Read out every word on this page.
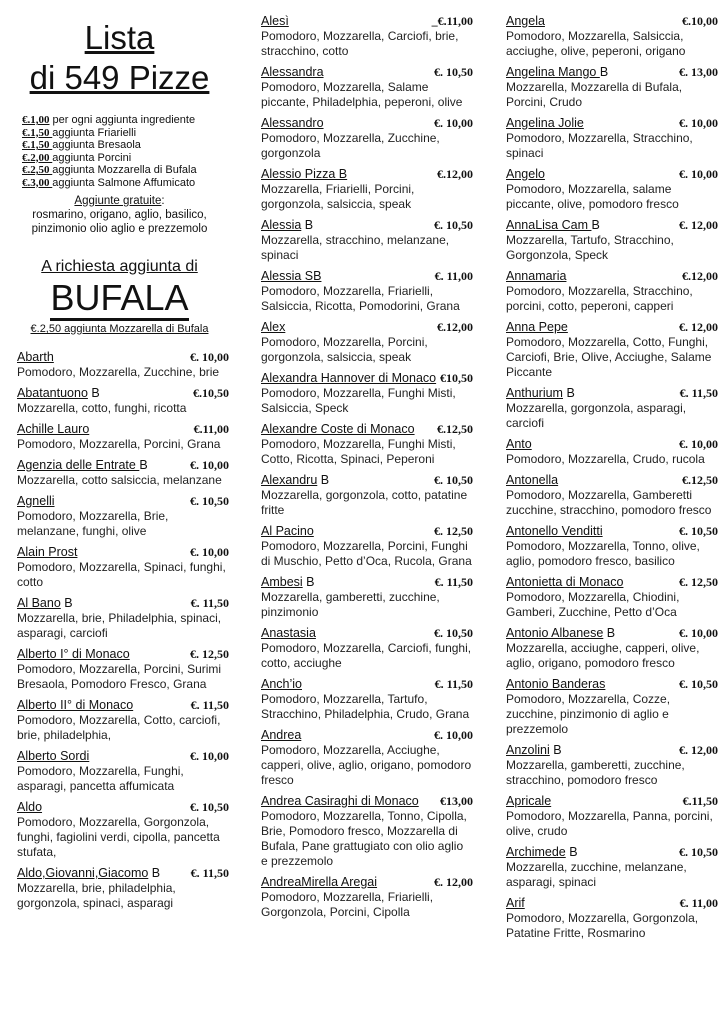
Lista
di 549 Pizze
€.1,00 per ogni aggiunta ingrediente
€.1,50 aggiunta Friarielli
€.1,50 aggiunta Bresaola
€.2,00 aggiunta Porcini
€.2,50 aggiunta Mozzarella di Bufala
€.3,00 aggiunta Salmone Affumicato
Aggiunte gratuite:
rosmarino, origano, aglio, basilico,
pinzimonio olio aglio e prezzemolo
A richiesta aggiunta di
BUFALA
€.2,50 aggiunta Mozzarella di Bufala
Abarth	€. 10,00
Pomodoro, Mozzarella, Zucchine, brie
Abatantuono B	€.10,50
Mozzarella, cotto, funghi, ricotta
Achille Lauro	€.11,00
Pomodoro, Mozzarella, Porcini, Grana
Agenzia delle Entrate B	€. 10,00
Mozzarella, cotto salsiccia, melanzane
Agnelli	€. 10,50
Pomodoro, Mozzarella, Brie, melanzane, funghi, olive
Alain Prost	€. 10,00
Pomodoro, Mozzarella, Spinaci, funghi, cotto
Al Bano B	€. 11,50
Mozzarella, brie, Philadelphia, spinaci, asparagi, carciofi
Alberto I° di Monaco	€. 12,50
Pomodoro, Mozzarella, Porcini, Surimi Bresaola, Pomodoro Fresco, Grana
Alberto II° di Monaco	€. 11,50
Pomodoro, Mozzarella, Cotto, carciofi, brie, philadelphia,
Alberto Sordi	€. 10,00
Pomodoro, Mozzarella, Funghi, asparagi, pancetta affumicata
Aldo	€. 10,50
Pomodoro, Mozzarella, Gorgonzola, funghi, fagiolini verdi, cipolla, pancetta stufata,
Aldo,Giovanni,Giacomo B	€. 11,50
Mozzarella, brie, philadelphia, gorgonzola, spinaci, asparagi
Alesì	_€.11,00
Pomodoro, Mozzarella, Carciofi, brie, stracchino, cotto
Alessandra	€. 10,50
Pomodoro, Mozzarella, Salame piccante, Philadelphia, peperoni, olive
Alessandro	€. 10,00
Pomodoro, Mozzarella, Zucchine, gorgonzola
Alessio Pizza B	€.12,00
Mozzarella, Friarielli, Porcini, gorgonzola, salsiccia, speak
Alessia B	€. 10,50
Mozzarella, stracchino, melanzane, spinaci
Alessia SB	€. 11,00
Pomodoro, Mozzarella, Friarielli, Salsiccia, Ricotta, Pomodorini, Grana
Alex	€.12,00
Pomodoro, Mozzarella, Porcini, gorgonzola, salsiccia, speak
Alexandra Hannover di Monaco €10,50
Pomodoro, Mozzarella, Funghi Misti, Salsiccia, Speck
Alexandre Coste di Monaco €.12,50
Pomodoro, Mozzarella, Funghi Misti, Cotto, Ricotta, Spinaci, Peperoni
Alexandru B	€. 10,50
Mozzarella, gorgonzola, cotto, patatine fritte
Al Pacino	€. 12,50
Pomodoro, Mozzarella, Porcini, Funghi di Muschio, Petto d’Oca, Rucola, Grana
Ambesi B	€. 11,50
Mozzarella, gamberetti, zucchine, pinzimonio
Anastasia	€. 10,50
Pomodoro, Mozzarella, Carciofi, funghi, cotto, acciughe
Anch’io	€. 11,50
Pomodoro, Mozzarella, Tartufo, Stracchino, Philadelphia, Crudo, Grana
Andrea	€. 10,00
Pomodoro, Mozzarella, Acciughe, capperi, olive, aglio, origano, pomodoro fresco
Andrea Casiraghi di Monaco €13,00
Pomodoro, Mozzarella, Tonno, Cipolla, Brie, Pomodoro fresco, Mozzarella di Bufala, Pane grattugiato con olio aglio e prezzemolo
AndreaMirella Aregai	€. 12,00
Pomodoro, Mozzarella, Friarielli, Gorgonzola, Porcini, Cipolla
Angela	€.10,00
Pomodoro, Mozzarella, Salsiccia, acciughe, olive, peperoni, origano
Angelina Mango B	€. 13,00
Mozzarella, Mozzarella di Bufala, Porcini, Crudo
Angelina Jolie	€. 10,00
Pomodoro, Mozzarella, Stracchino, spinaci
Angelo	€. 10,00
Pomodoro, Mozzarella, salame piccante, olive, pomodoro fresco
AnnaLisa Cam B	€. 12,00
Mozzarella, Tartufo, Stracchino, Gorgonzola, Speck
Annamaria	€.12,00
Pomodoro, Mozzarella, Stracchino, porcini, cotto, peperoni, capperi
Anna Pepe	€. 12,00
Pomodoro, Mozzarella, Cotto, Funghi, Carciofi, Brie, Olive, Acciughe, Salame Piccante
Anthurium B	€. 11,50
Mozzarella, gorgonzola, asparagi, carciofi
Anto	€. 10,00
Pomodoro, Mozzarella, Crudo, rucola
Antonella	€.12,50
Pomodoro, Mozzarella, Gamberetti zucchine, stracchino, pomodoro fresco
Antonello Venditti	€. 10,50
Pomodoro, Mozzarella, Tonno, olive, aglio, pomodoro fresco, basilico
Antonietta di Monaco	€. 12,50
Pomodoro, Mozzarella, Chiodini, Gamberi, Zucchine, Petto d’Oca
Antonio Albanese B	€. 10,00
Mozzarella, acciughe, capperi, olive, aglio, origano, pomodoro fresco
Antonio Banderas	€. 10,50
Pomodoro, Mozzarella, Cozze, zucchine, pinzimonio di aglio e prezzemolo
Anzolini B	€. 12,00
Mozzarella, gamberetti, zucchine, stracchino, pomodoro fresco
Apricale	€.11,50
Pomodoro, Mozzarella, Panna, porcini, olive, crudo
Archimede B	€. 10,50
Mozzarella, zucchine, melanzane, asparagi, spinaci
Arif	€. 11,00
Pomodoro, Mozzarella, Gorgonzola, Patatine Fritte, Rosmarino
